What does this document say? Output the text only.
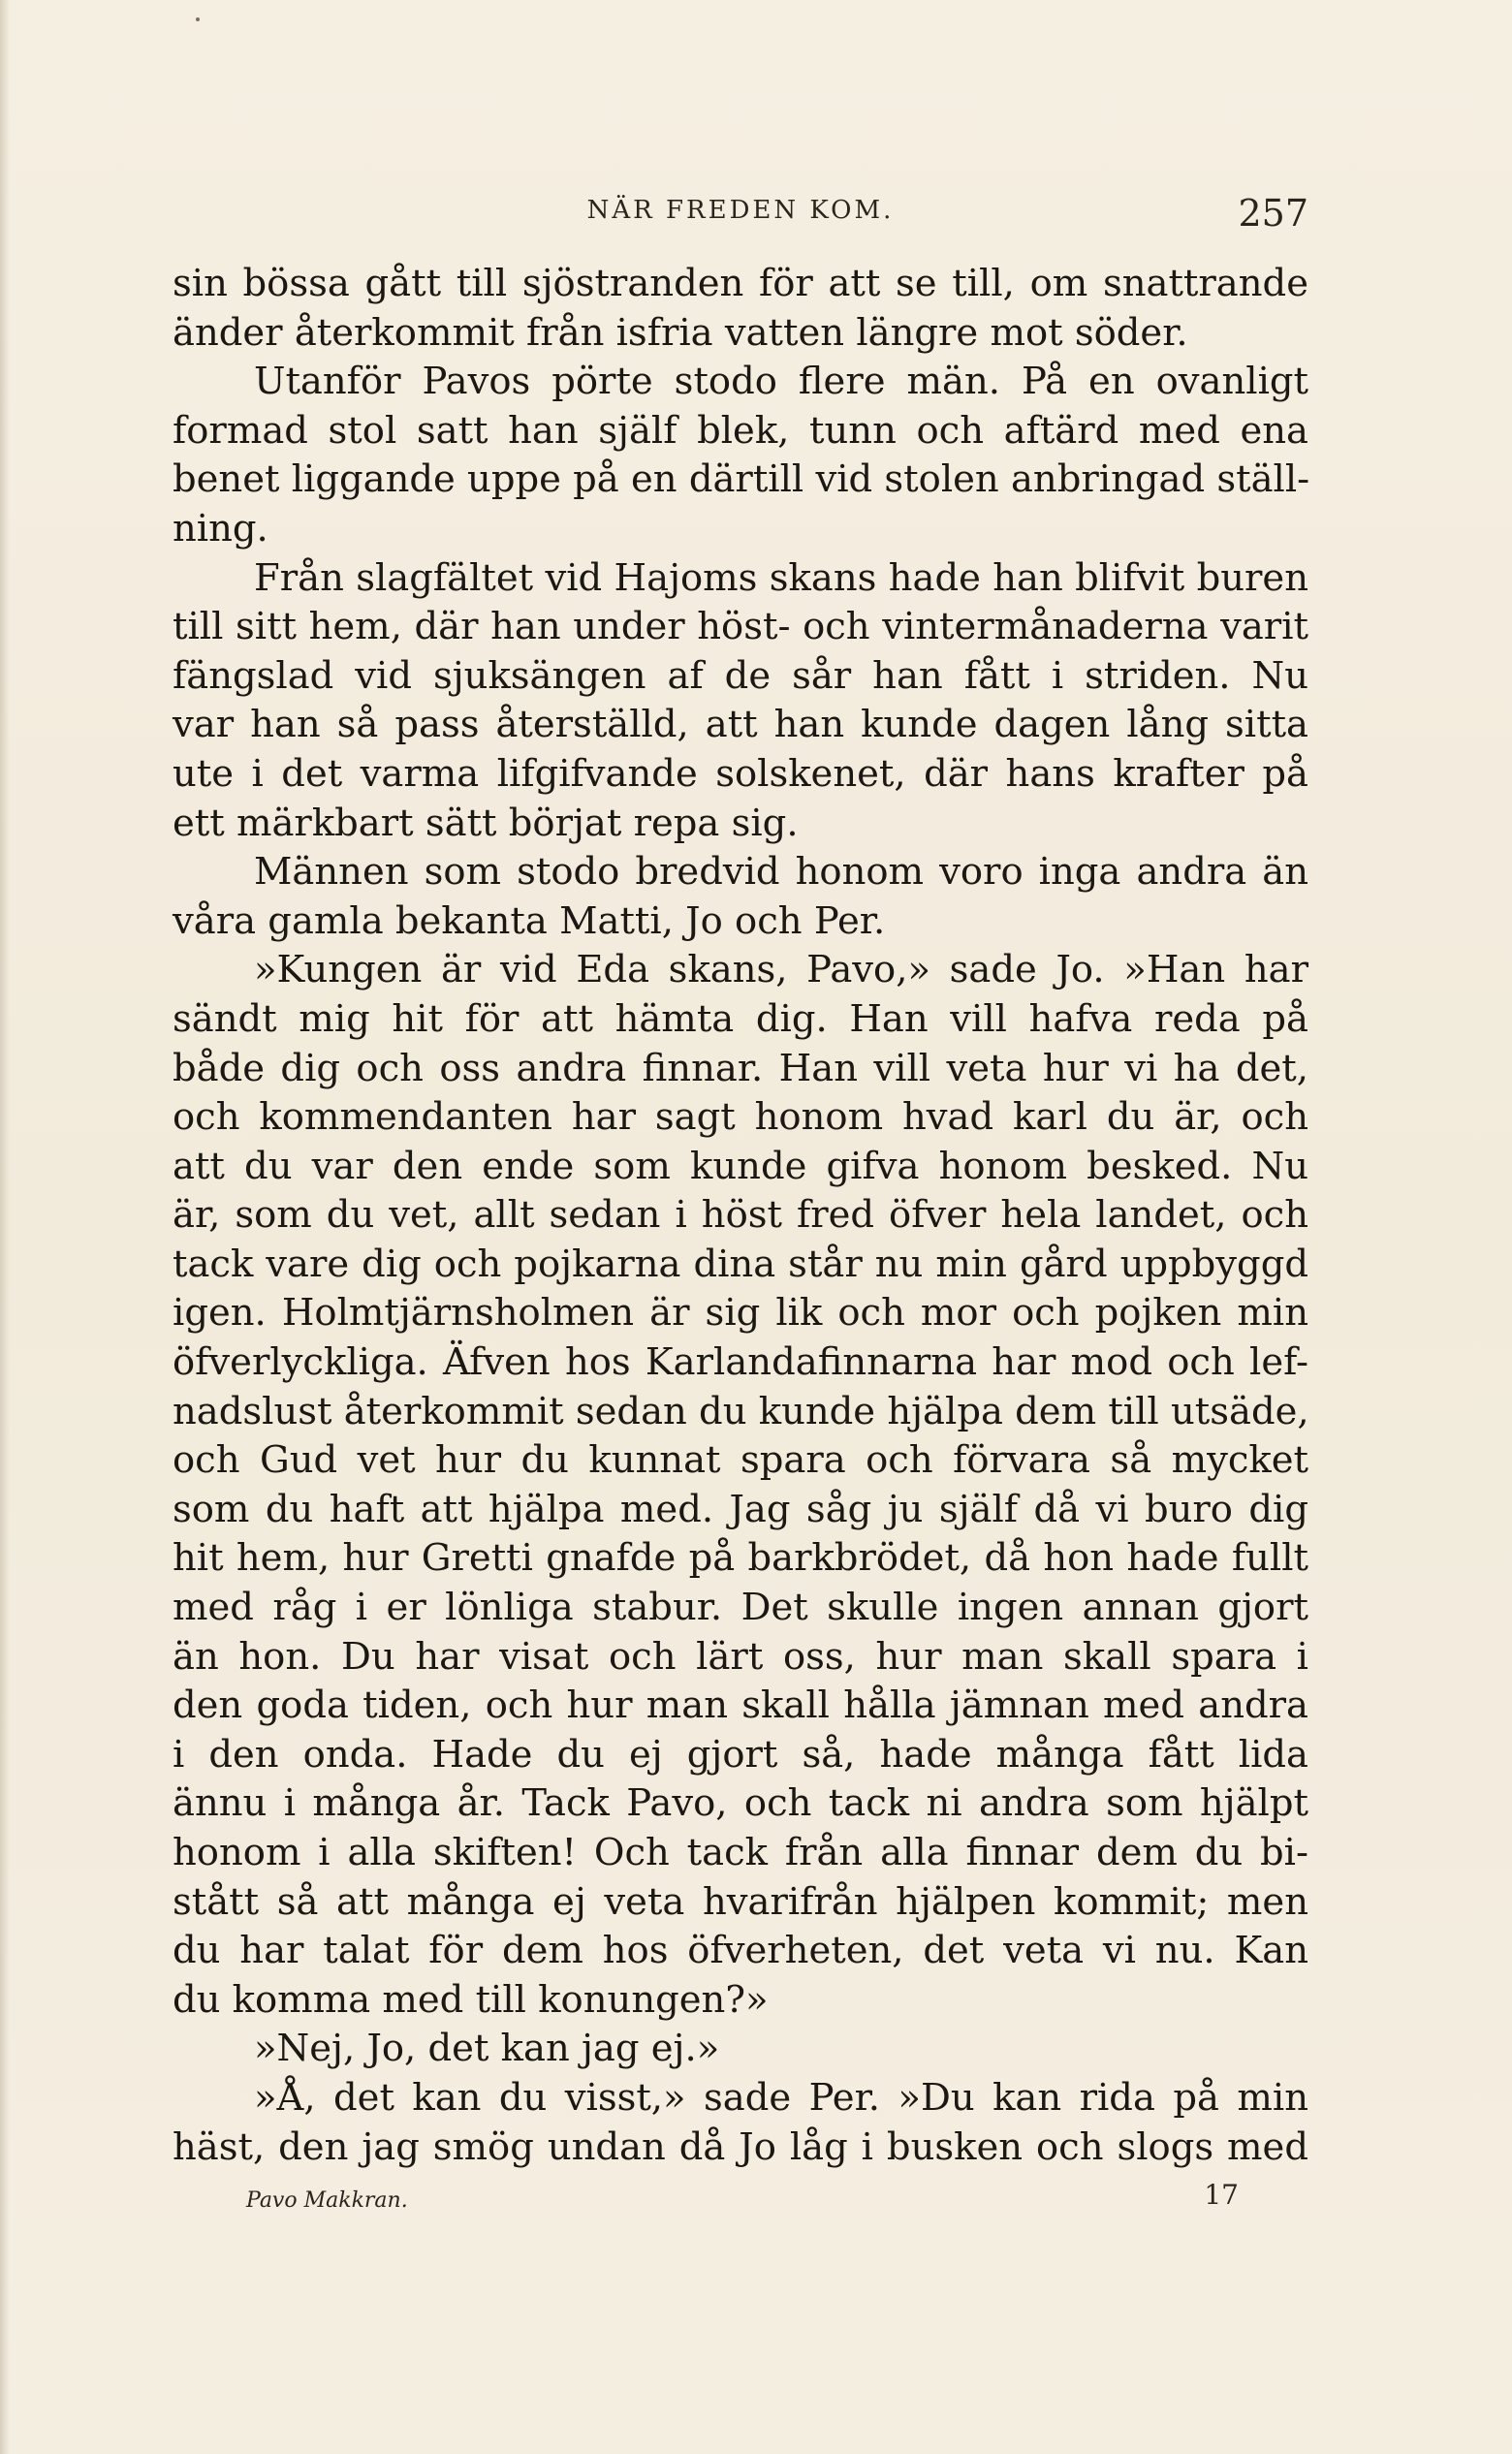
NÄR FREDEN KOM.	257
sin bössa gått till sjöstranden för att se till, om snattrande
änder återkommit från isfria vatten längre mot söder.
Utanför Pavos pörte stodo flere män. På en ovanligt
formad stol satt han själf blek, tunn och aftärd med ena
benet liggande uppe på en därtill vid stolen anbringad ställ-
ning.
Från slagfältet vid Hajoms skans hade han blifvit buren
till sitt hem, där han under höst- och vintermånaderna varit
fängslad vid sjuksängen af de sår han fått i striden. Nu
var han så pass återställd, att han kunde dagen lång sitta
ute i det varma lifgifvande solskenet, där hans krafter på
ett märkbart sätt börjat repa sig.
Männen som stodo bredvid honom voro inga andra än
våra gamla bekanta Matti, Jo och Per.
»Kungen är vid Eda skans, Pavo,» sade Jo. »Han har
sändt mig hit för att hämta dig. Han vill hafva reda på
både dig och oss andra finnar. Han vill veta hur vi ha det,
och kommendanten har sagt honom hvad karl du är, och
att du var den ende som kunde gifva honom besked. Nu
är, som du vet, allt sedan i höst fred öfver hela landet, och
tack vare dig och pojkarna dina står nu min gård uppbyggd
igen. Holmtjärnsholmen är sig lik och mor och pojken min
öfverlyckliga. Äfven hos Karlandafinnarna har mod och lef-
nadslust återkommit sedan du kunde hjälpa dem till utsäde,
och Gud vet hur du kunnat spara och förvara så mycket
som du haft att hjälpa med. Jag såg ju själf då vi buro dig
hit hem, hur Gretti gnafde på barkbrödet, då hon hade fullt
med råg i er lönliga stabur. Det skulle ingen annan gjort
än hon. Du har visat och lärt oss, hur man skall spara i
den goda tiden, och hur man skall hålla jämnan med andra
i den onda. Hade du ej gjort så, hade många fått lida
ännu i många år. Tack Pavo, och tack ni andra som hjälpt
honom i alla skiften! Och tack från alla finnar dem du bi-
stått så att många ej veta hvarifrån hjälpen kommit; men
du har talat för dem hos öfverheten, det veta vi nu. Kan
du komma med till konungen?»
»Nej, Jo, det kan jag ej.»
»Å, det kan du visst,» sade Per. »Du kan rida på min
häst, den jag smög undan då Jo låg i busken och slogs med
Pavo Makkran.	17
